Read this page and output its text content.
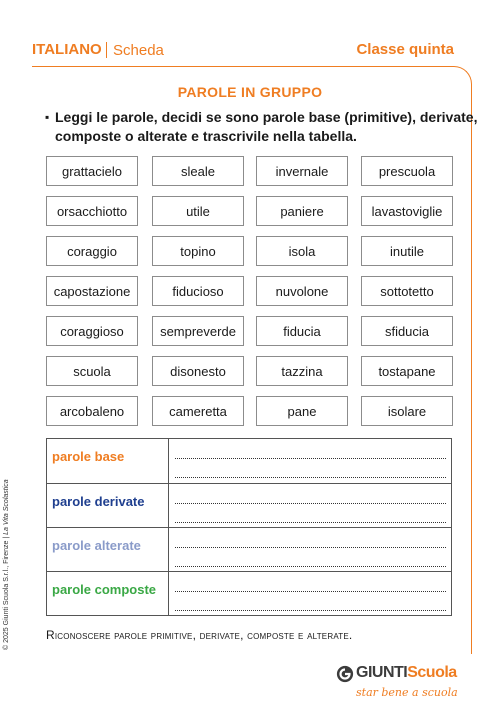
ITALIANO Scheda	Classe quinta
PAROLE IN GRUPPO
▪ Leggi le parole, decidi se sono parole base (primitive), derivate,
composte o alterate e trascrivile nella tabella.
grattacielo	sleale	invernale	prescuola
orsacchiotto	utile	paniere	lavastoviglie
coraggio	topino	isola	inutile
capostazione	fiducioso	nuvolone	sottotetto
coraggioso	sempreverde	fiducia	sfiducia
scuola	disonesto	tazzina	tostapane
arcobaleno	cameretta	pane	isolare
parole base
parole derivate
parole alterate
parole composte
Riconoscere parole primitive, derivate, composte e alterate.
© 2025 Giunti Scuola S.r.l., Firenze | La Vita Scolastica
GIUNTIScuola
star bene a scuola
